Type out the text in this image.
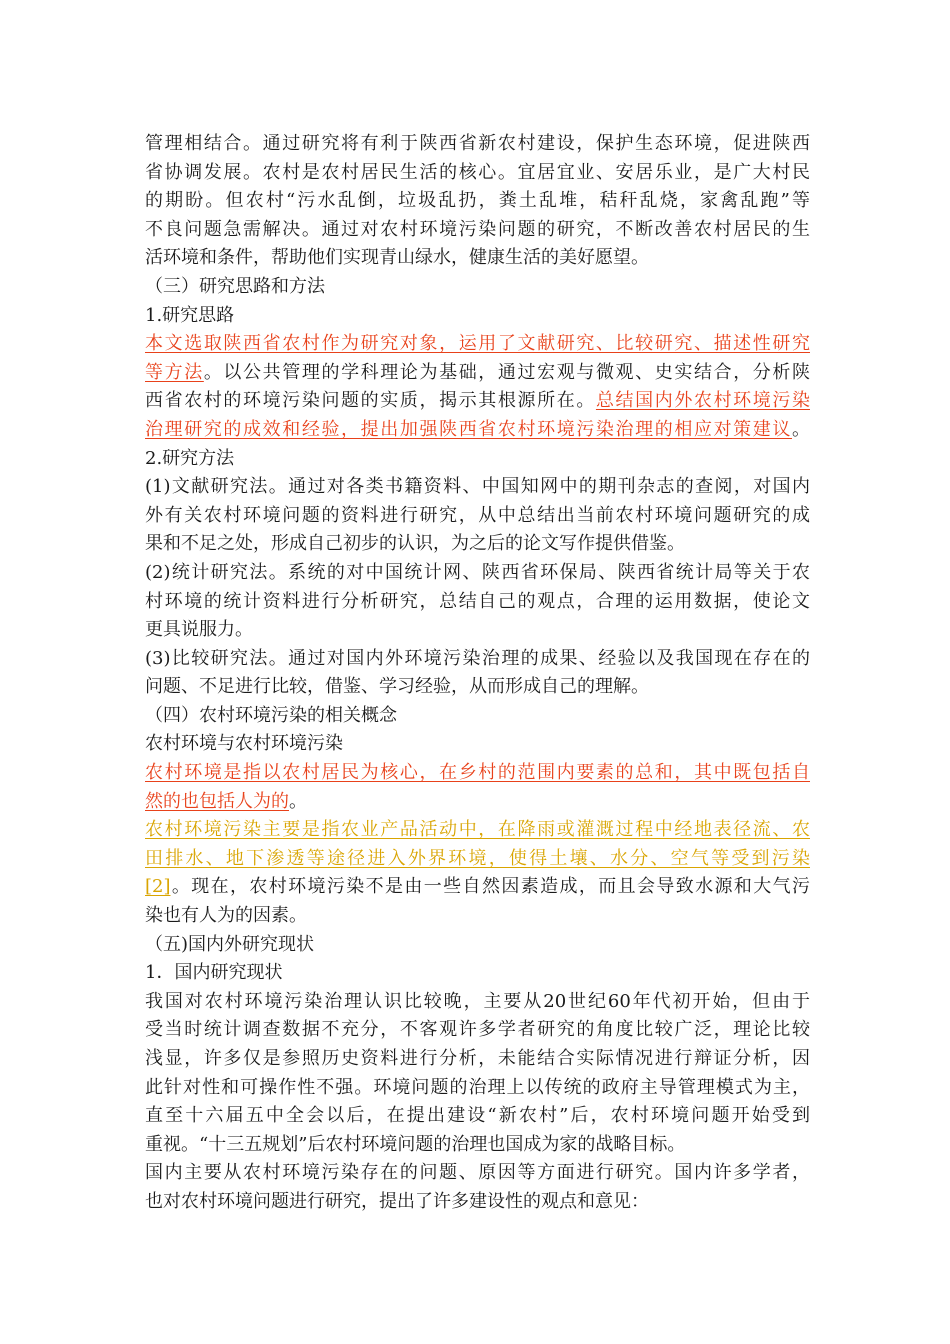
管理相结合。通过研究将有利于陕西省新农村建设，保护生态环境，促进陕西
省协调发展。农村是农村居民生活的核心。宜居宜业、安居乐业，是广大村民
的期盼。但农村“污水乱倒，垃圾乱扔，粪土乱堆，秸秆乱烧，家禽乱跑”等
不良问题急需解决。通过对农村环境污染问题的研究，不断改善农村居民的生
活环境和条件，帮助他们实现青山绿水，健康生活的美好愿望。
（三）研究思路和方法
1.研究思路
本文选取陕西省农村作为研究对象，运用了文献研究、比较研究、描述性研究
等方法。以公共管理的学科理论为基础，通过宏观与微观、史实结合，分析陕
西省农村的环境污染问题的实质，揭示其根源所在。总结国内外农村环境污染
治理研究的成效和经验，提出加强陕西省农村环境污染治理的相应对策建议。
2.研究方法
(1)文献研究法。通过对各类书籍资料、中国知网中的期刊杂志的查阅，对国内
外有关农村环境问题的资料进行研究，从中总结出当前农村环境问题研究的成
果和不足之处，形成自己初步的认识，为之后的论文写作提供借鉴。
(2)统计研究法。系统的对中国统计网、陕西省环保局、陕西省统计局等关于农
村环境的统计资料进行分析研究，总结自己的观点，合理的运用数据，使论文
更具说服力。
(3)比较研究法。通过对国内外环境污染治理的成果、经验以及我国现在存在的
问题、不足进行比较，借鉴、学习经验，从而形成自己的理解。
（四）农村环境污染的相关概念
农村环境与农村环境污染
农村环境是指以农村居民为核心，在乡村的范围内要素的总和，其中既包括自
然的也包括人为的。
农村环境污染主要是指农业产品活动中，在降雨或灌溉过程中经地表径流、农
田排水、地下渗透等途径进入外界环境，使得土壤、水分、空气等受到污染
[2]。现在，农村环境污染不是由一些自然因素造成，而且会导致水源和大气污
染也有人为的因素。
（五)国内外研究现状
1．国内研究现状
我国对农村环境污染治理认识比较晚，主要从20世纪60年代初开始，但由于
受当时统计调查数据不充分，不客观许多学者研究的角度比较广泛，理论比较
浅显，许多仅是参照历史资料进行分析，未能结合实际情况进行辩证分析，因
此针对性和可操作性不强。环境问题的治理上以传统的政府主导管理模式为主，
直至十六届五中全会以后，在提出建设“新农村”后，农村环境问题开始受到
重视。“十三五规划”后农村环境问题的治理也国成为家的战略目标。
国内主要从农村环境污染存在的问题、原因等方面进行研究。国内许多学者，
也对农村环境问题进行研究，提出了许多建设性的观点和意见：
